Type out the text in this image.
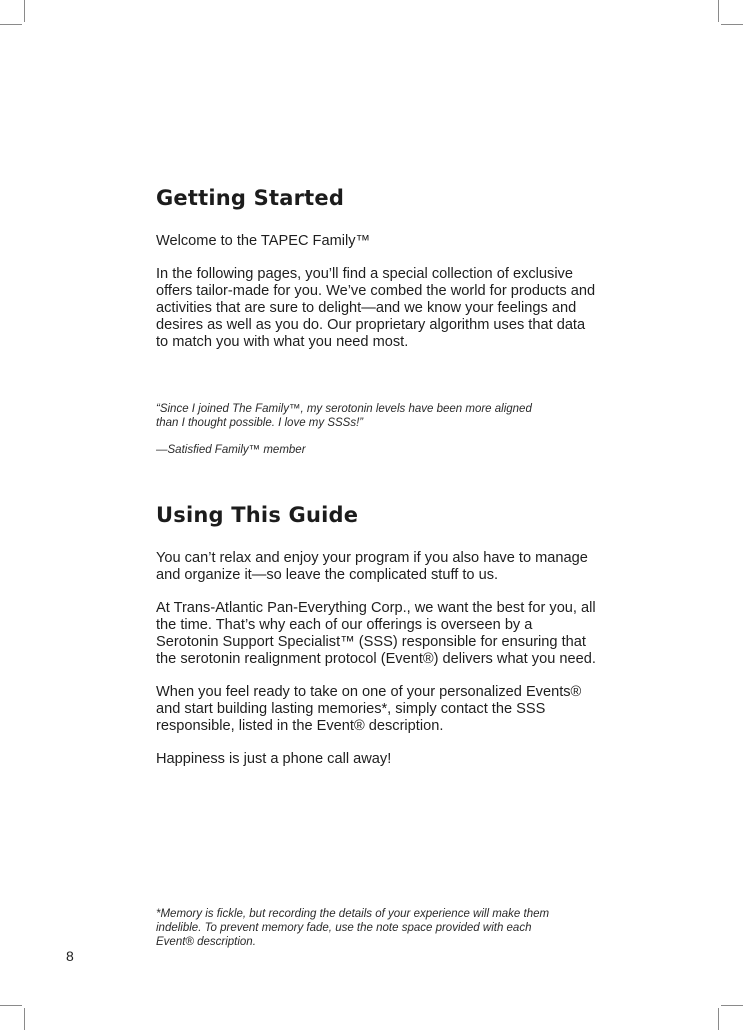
Getting Started

Welcome to the TAPEC Family™

In the following pages, you’ll find a special collection of exclusive offers tailor-made for you. We’ve combed the world for products and activities that are sure to delight—and we know your feelings and desires as well as you do. Our proprietary algorithm uses that data to match you with what you need most.

“Since I joined The Family™, my serotonin levels have been more aligned than I thought possible. I love my SSSs!”

—Satisfied Family™ member

Using This Guide

You can’t relax and enjoy your program if you also have to manage and organize it—so leave the complicated stuff to us.

At Trans-Atlantic Pan-Everything Corp., we want the best for you, all the time. That’s why each of our offerings is overseen by a Serotonin Support Specialist™ (SSS) responsible for ensuring that the serotonin realignment protocol (Event®) delivers what you need.

When you feel ready to take on one of your personalized Events® and start building lasting memories*, simply contact the SSS responsible, listed in the Event® description.

Happiness is just a phone call away!

*Memory is fickle, but recording the details of your experience will make them indelible. To prevent memory fade, use the note space provided with each Event® description.

8
